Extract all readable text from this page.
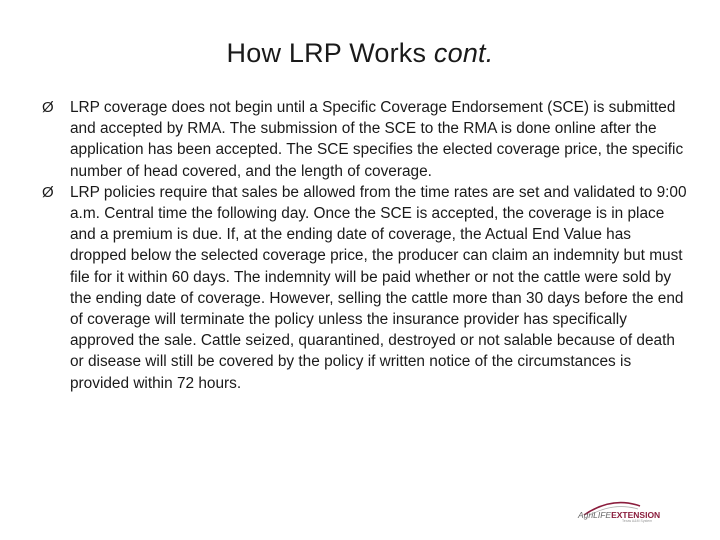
How LRP Works cont.
Ø	LRP coverage does not begin until a Specific Coverage Endorsement (SCE) is submitted and accepted by RMA. The submission of the SCE to the RMA is done online after the application has been accepted. The SCE specifies the elected coverage price, the specific number of head covered, and the length of coverage.
Ø	LRP policies require that sales be allowed from the time rates are set and validated to 9:00 a.m. Central time the following day. Once the SCE is accepted, the coverage is in place and a premium is due. If, at the ending date of coverage, the Actual End Value has dropped below the selected coverage price, the producer can claim an indemnity but must file for it within 60 days. The indemnity will be paid whether or not the cattle were sold by the ending date of coverage. However, selling the cattle more than 30 days before the end of coverage will terminate the policy unless the insurance provider has specifically approved the sale. Cattle seized, quarantined, destroyed or not salable because of death or disease will still be covered by the policy if written notice of the circumstances is provided within 72 hours.
AgriLIFEEXTENSION
Texas A&M System
